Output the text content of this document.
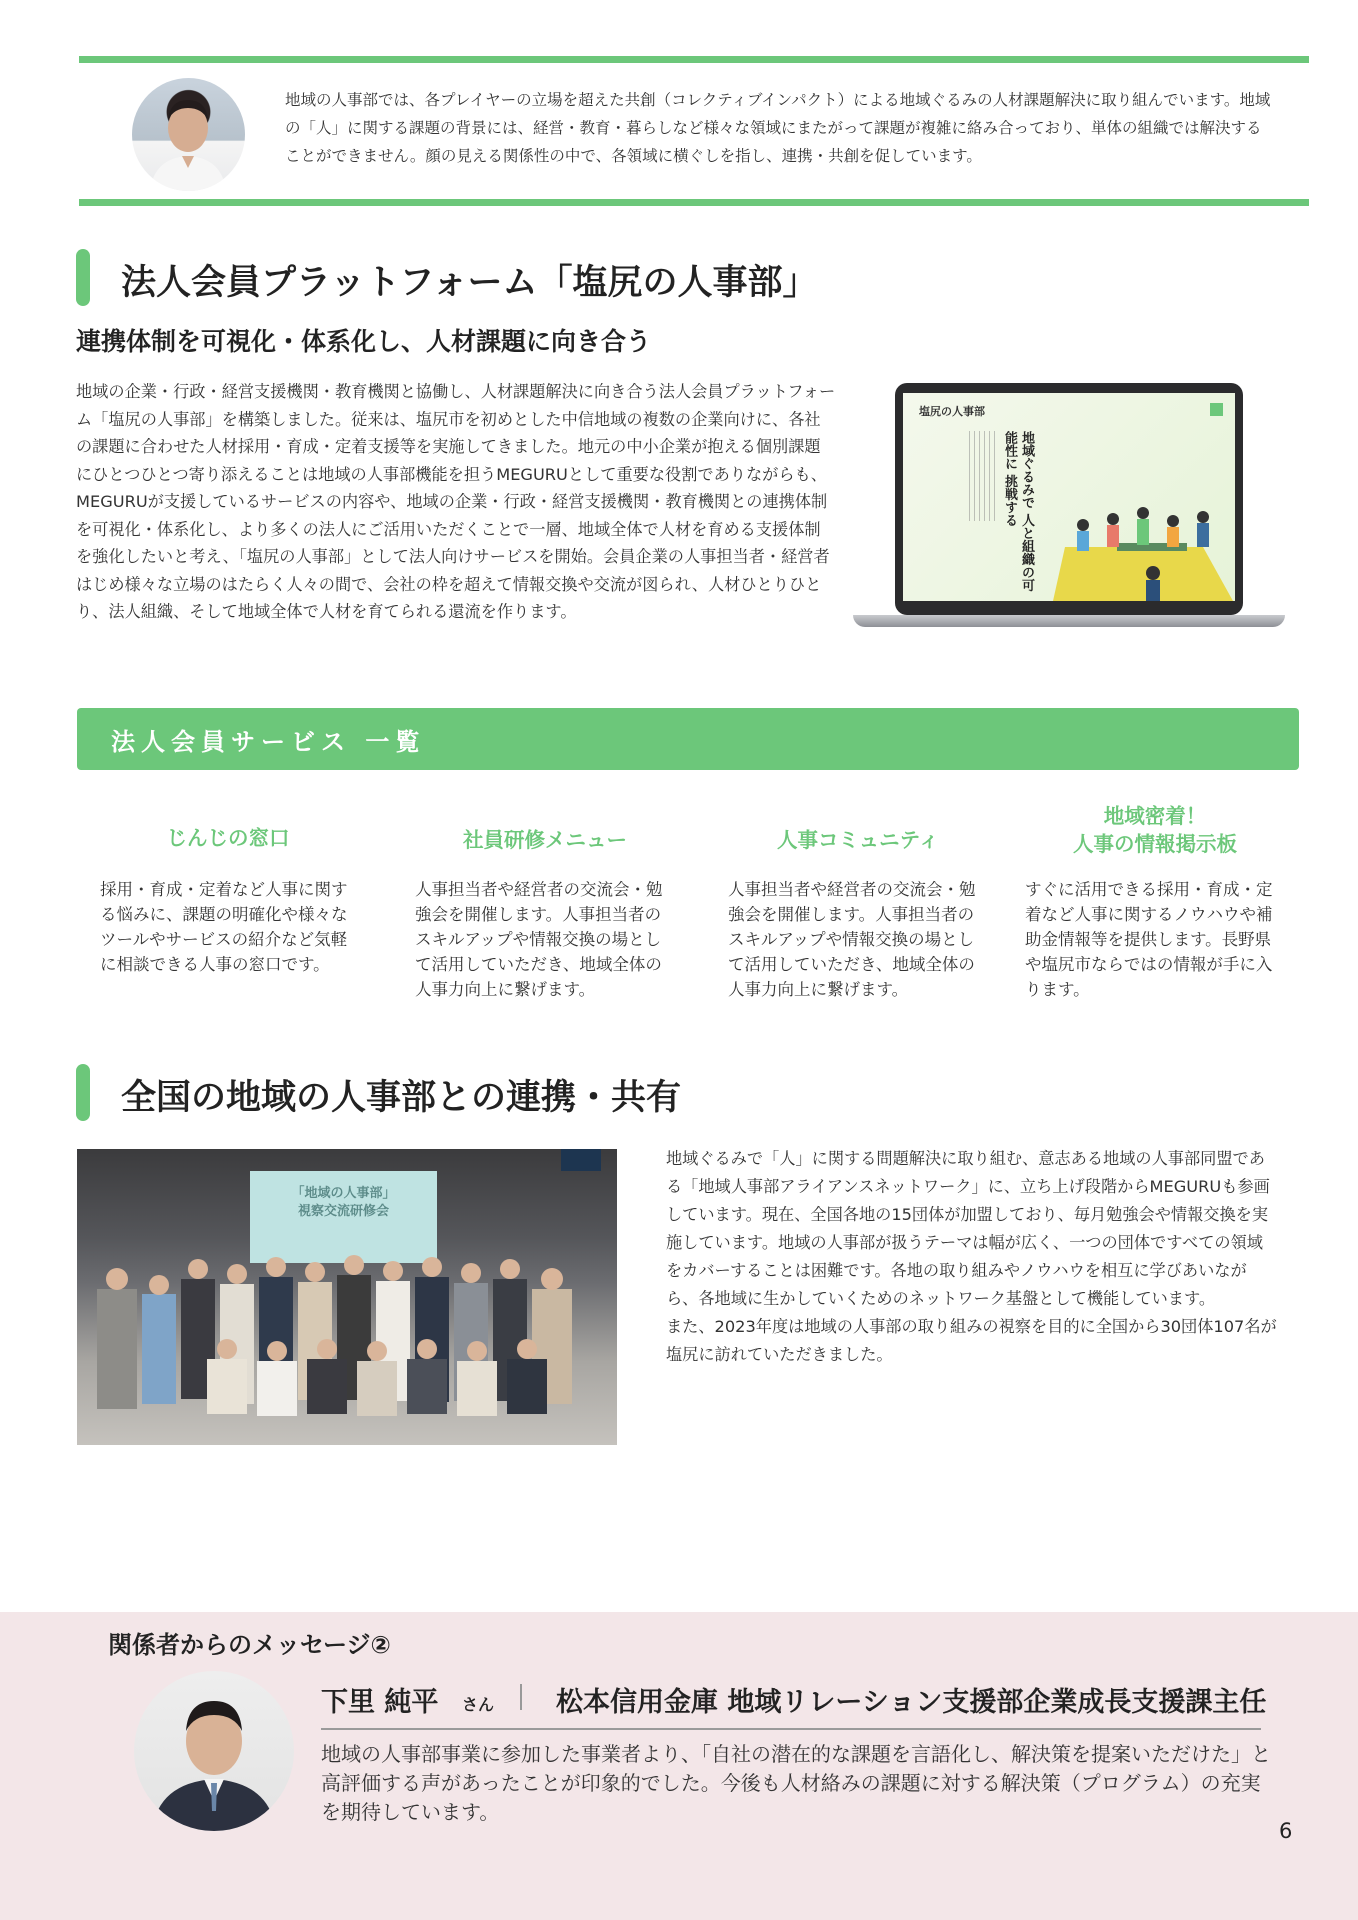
地域の人事部では、各プレイヤーの立場を超えた共創（コレクティブインパクト）による地域ぐるみの人材課題解決に取り組んでいます。地域の「人」に関する課題の背景には、経営・教育・暮らしなど様々な領域にまたがって課題が複雑に絡み合っており、単体の組織では解決することができません。顔の見える関係性の中で、各領域に横ぐしを指し、連携・共創を促しています。
法人会員プラットフォーム「塩尻の人事部」
連携体制を可視化・体系化し、人材課題に向き合う
地域の企業・行政・経営支援機関・教育機関と協働し、人材課題解決に向き合う法人会員プラットフォーム「塩尻の人事部」を構築しました。従来は、塩尻市を初めとした中信地域の複数の企業向けに、各社の課題に合わせた人材採用・育成・定着支援等を実施してきました。地元の中小企業が抱える個別課題にひとつひとつ寄り添えることは地域の人事部機能を担うMEGURUとして重要な役割でありながらも、MEGURUが支援しているサービスの内容や、地域の企業・行政・経営支援機関・教育機関との連携体制を可視化・体系化し、より多くの法人にご活用いただくことで一層、地域全体で人材を育める支援体制を強化したいと考え、「塩尻の人事部」として法人向けサービスを開始。会員企業の人事担当者・経営者はじめ様々な立場のはたらく人々の間で、会社の枠を超えて情報交換や交流が図られ、人材ひとりひとり、法人組織、そして地域全体で人材を育てられる還流を作ります。
塩尻の人事部
地域ぐるみで 人と組織の可能性に 挑戦する
法人会員サービス 一覧
じんじの窓口
採用・育成・定着など人事に関する悩みに、課題の明確化や様々なツールやサービスの紹介など気軽に相談できる人事の窓口です。
社員研修メニュー
人事担当者や経営者の交流会・勉強会を開催します。人事担当者のスキルアップや情報交換の場として活用していただき、地域全体の人事力向上に繋げます。
人事コミュニティ
人事担当者や経営者の交流会・勉強会を開催します。人事担当者のスキルアップや情報交換の場として活用していただき、地域全体の人事力向上に繋げます。
地域密着！
人事の情報掲示板
すぐに活用できる採用・育成・定着など人事に関するノウハウや補助金情報等を提供します。長野県や塩尻市ならではの情報が手に入ります。
全国の地域の人事部との連携・共有
「地域の人事部」
視察交流研修会
地域ぐるみで「人」に関する問題解決に取り組む、意志ある地域の人事部同盟である「地域人事部アライアンスネットワーク」に、立ち上げ段階からMEGURUも参画しています。現在、全国各地の15団体が加盟しており、毎月勉強会や情報交換を実施しています。地域の人事部が扱うテーマは幅が広く、一つの団体ですべての領域をカバーすることは困難です。各地の取り組みやノウハウを相互に学びあいながら、各地域に生かしていくためのネットワーク基盤として機能しています。
また、2023年度は地域の人事部の取り組みの視察を目的に全国から30団体107名が塩尻に訪れていただきました。
関係者からのメッセージ②
下里 純平 さん 松本信用金庫 地域リレーション支援部企業成長支援課主任
地域の人事部事業に参加した事業者より、「自社の潜在的な課題を言語化し、解決策を提案いただけた」と高評価する声があったことが印象的でした。今後も人材絡みの課題に対する解決策（プログラム）の充実を期待しています。
6
